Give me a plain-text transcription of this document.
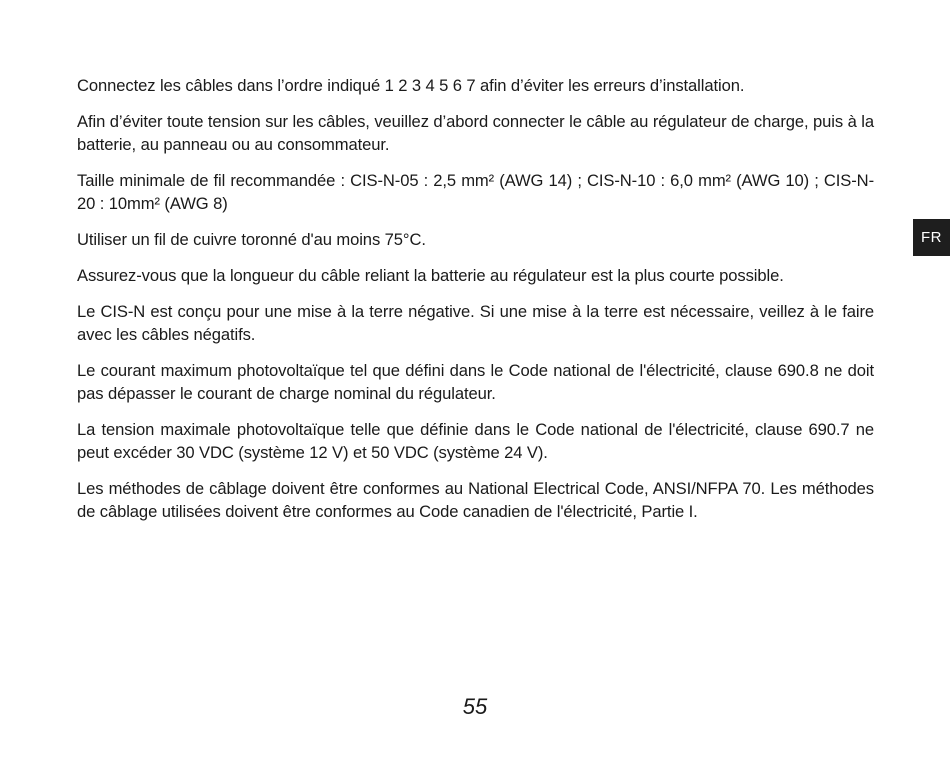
Connectez les câbles dans l’ordre indiqué 1 2 3 4 5 6 7 afin d’éviter les erreurs d’installation.

Afin d’éviter toute tension sur les câbles, veuillez d’abord connecter le câble au régulateur de charge, puis à la batterie, au panneau ou au consommateur.

Taille minimale de fil recommandée : CIS-N-05 : 2,5 mm² (AWG 14) ; CIS-N-10 : 6,0 mm² (AWG 10) ; CIS-N-20 : 10mm² (AWG 8)

Utiliser un fil de cuivre toronné d'au moins 75°C.

Assurez-vous que la longueur du câble reliant la batterie au régulateur est la plus courte possible.

Le CIS-N est conçu pour une mise à la terre négative. Si une mise à la terre est nécessaire, veillez à le faire avec les câbles négatifs.

Le courant maximum photovoltaïque tel que défini dans le Code national de l'électricité, clause 690.8 ne doit pas dépasser le courant de charge nominal du régulateur.

La tension maximale photovoltaïque telle que définie dans le Code national de l'électricité, clause 690.7 ne peut excéder 30 VDC (système 12 V) et 50 VDC (système 24 V).

Les méthodes de câblage doivent être conformes au National Electrical Code, ANSI/NFPA 70. Les méthodes de câblage utilisées doivent être conformes au Code canadien de l'électricité, Partie I.

FR
55
